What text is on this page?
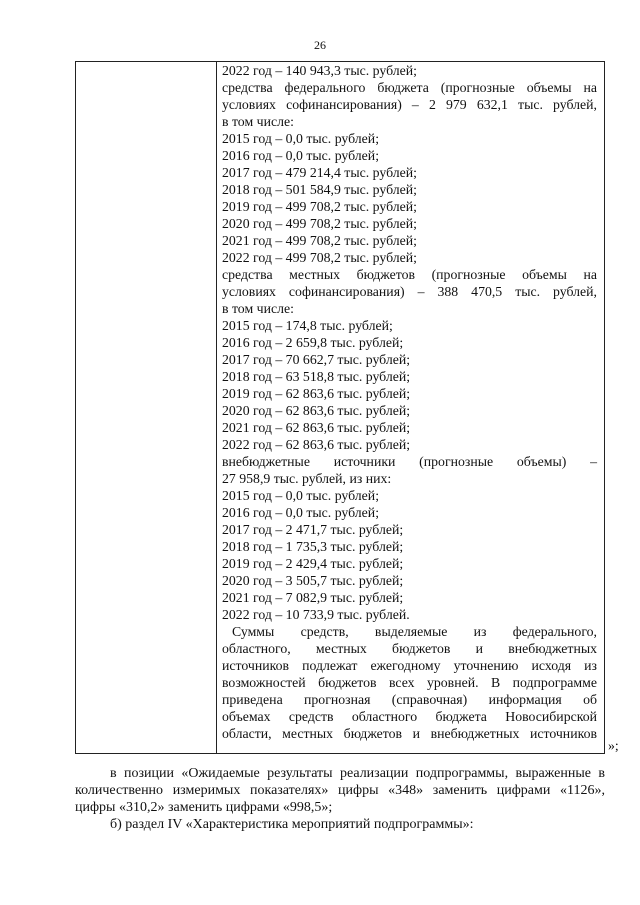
26
2022 год – 140 943,3 тыс. рублей;
средства федерального бюджета (прогнозные объемы на
условиях софинансирования) – 2 979 632,1 тыс. рублей,
в том числе:
2015 год – 0,0 тыс. рублей;
2016 год – 0,0 тыс. рублей;
2017 год – 479 214,4 тыс. рублей;
2018 год – 501 584,9 тыс. рублей;
2019 год – 499 708,2 тыс. рублей;
2020 год – 499 708,2 тыс. рублей;
2021 год – 499 708,2 тыс. рублей;
2022 год – 499 708,2 тыс. рублей;
средства местных бюджетов (прогнозные объемы на
условиях софинансирования) – 388 470,5 тыс. рублей,
в том числе:
2015 год – 174,8 тыс. рублей;
2016 год – 2 659,8 тыс. рублей;
2017 год – 70 662,7 тыс. рублей;
2018 год – 63 518,8 тыс. рублей;
2019 год – 62 863,6 тыс. рублей;
2020 год – 62 863,6 тыс. рублей;
2021 год – 62 863,6 тыс. рублей;
2022 год – 62 863,6 тыс. рублей;
внебюджетные источники (прогнозные объемы) –
27 958,9 тыс. рублей, из них:
2015 год – 0,0 тыс. рублей;
2016 год – 0,0 тыс. рублей;
2017 год – 2 471,7 тыс. рублей;
2018 год – 1 735,3 тыс. рублей;
2019 год – 2 429,4 тыс. рублей;
2020 год – 3 505,7 тыс. рублей;
2021 год – 7 082,9 тыс. рублей;
2022 год – 10 733,9 тыс. рублей.
Суммы средств, выделяемые из федерального,
областного, местных бюджетов и внебюджетных
источников подлежат ежегодному уточнению исходя из
возможностей бюджетов всех уровней. В подпрограмме
приведена прогнозная (справочная) информация об
объемах средств областного бюджета Новосибирской
области, местных бюджетов и внебюджетных источников
»;
в позиции «Ожидаемые результаты реализации подпрограммы, выраженные в количественно измеримых показателях» цифры «348» заменить цифрами «1126», цифры «310,2» заменить цифрами «998,5»;
б) раздел IV «Характеристика мероприятий подпрограммы»:
